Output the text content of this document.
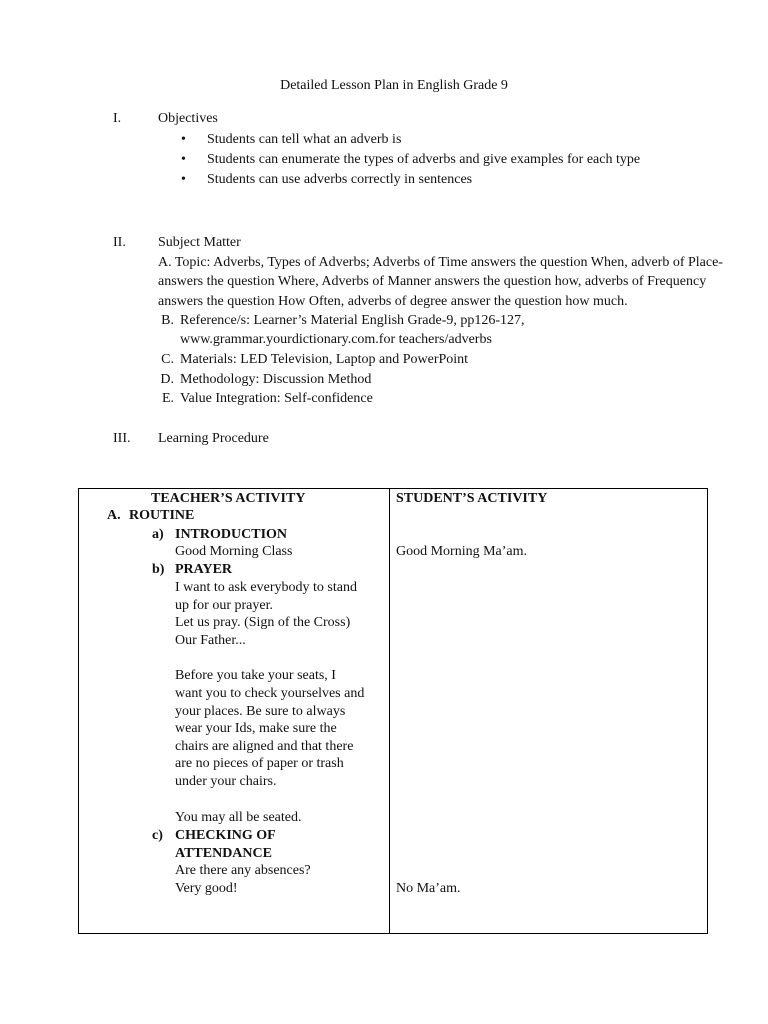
Detailed Lesson Plan in English Grade 9
I.	Objectives
• Students can tell what an adverb is
• Students can enumerate the types of adverbs and give examples for each type
• Students can use adverbs correctly in sentences
II. Subject Matter
A. Topic: Adverbs, Types of Adverbs; Adverbs of Time answers the question When, adverb of Place- answers the question Where, Adverbs of Manner answers the question how, adverbs of Frequency answers the question How Often, adverbs of degree answer the question how much.
B. Reference/s: Learner’s Material English Grade-9, pp126-127,
www.grammar.yourdictionary.com.for teachers/adverbs
C. Materials: LED Television, Laptop and PowerPoint
D. Methodology: Discussion Method
E. Value Integration: Self-confidence
III. Learning Procedure
TEACHER’S ACTIVITY	STUDENT’S ACTIVITY
A. ROUTINE
a) INTRODUCTION
Good Morning Class	Good Morning Ma’am.
b) PRAYER
I want to ask everybody to stand
up for our prayer.
Let us pray. (Sign of the Cross)
Our Father...
Before you take your seats, I
want you to check yourselves and
your places. Be sure to always
wear your Ids, make sure the
chairs are aligned and that there
are no pieces of paper or trash
under your chairs.
You may all be seated.
c) CHECKING OF
ATTENDANCE
Are there any absences?
Very good!	No Ma’am.
